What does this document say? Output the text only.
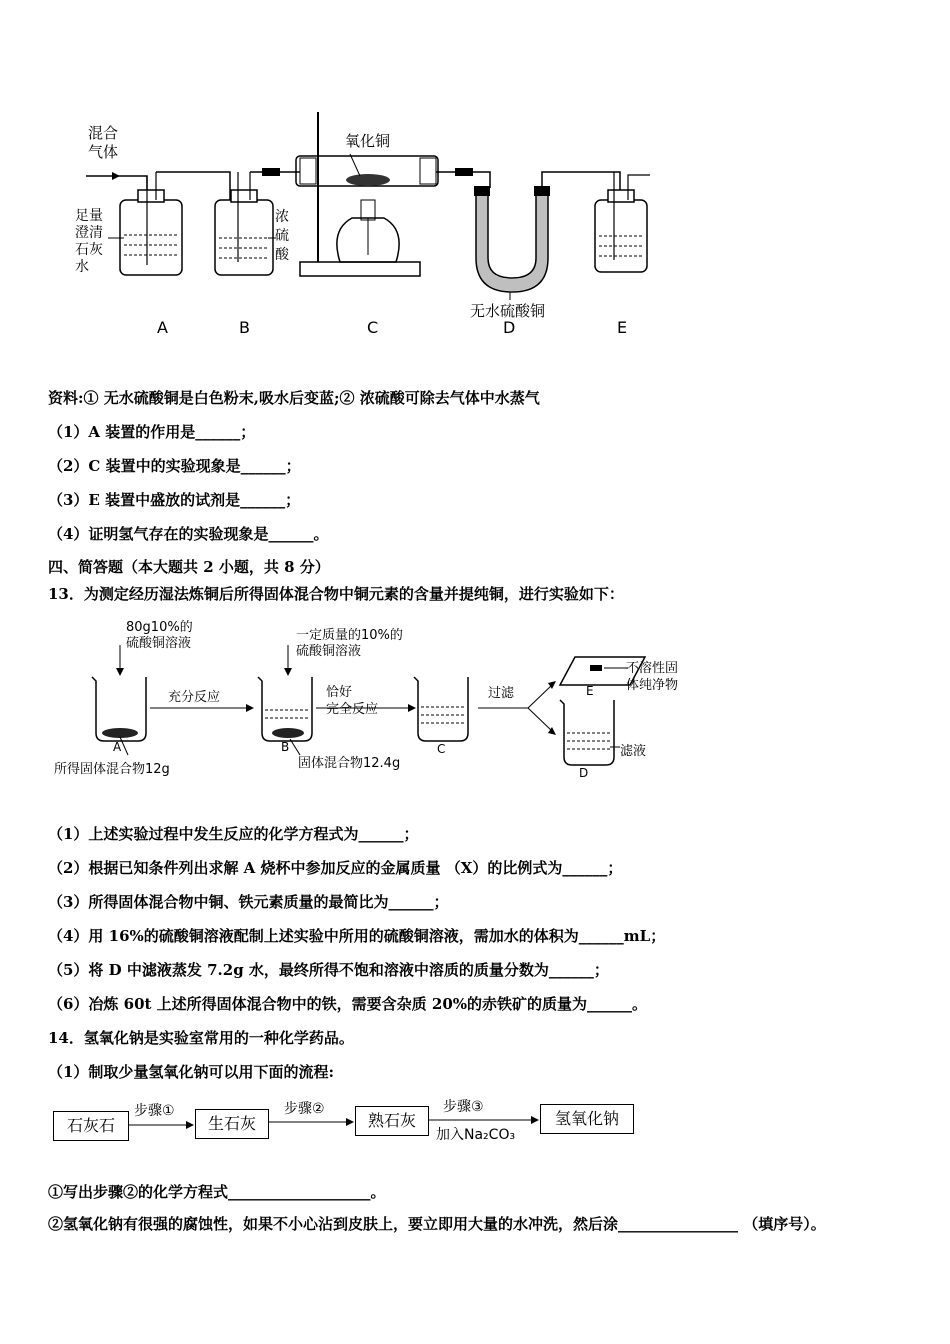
混合
气体
足量
澄清
石灰
水
浓
硫
酸
氧化铜
无水硫酸铜
A	B	C	D	E
资料:① 无水硫酸铜是白色粉末,吸水后变蓝;② 浓硫酸可除去气体中水蒸气
（1）A 装置的作用是______；
（2）C 装置中的实验现象是______；
（3）E 装置中盛放的试剂是______；
（4）证明氢气存在的实验现象是______。
四、简答题（本大题共 2 小题，共 8 分）
13．为测定经历湿法炼铜后所得固体混合物中铜元素的含量并提纯铜，进行实验如下：
80g10%的
硫酸铜溶液
一定质量的10%的
硫酸铜溶液
充分反应	恰好
完全反应
过滤
不溶性固
体纯净物
滤液
所得固体混合物12g	固体混合物12.4g
A	B	C
D
E
（1）上述实验过程中发生反应的化学方程式为______；
（2）根据已知条件列出求解 A 烧杯中参加反应的金属质量 （X）的比例式为______；
（3）所得固体混合物中铜、铁元素质量的最简比为______；
（4）用 16%的硫酸铜溶液配制上述实验中所用的硫酸铜溶液，需加水的体积为______mL；
（5）将 D 中滤液蒸发 7.2g 水，最终所得不饱和溶液中溶质的质量分数为______；
（6）冶炼 60t 上述所得固体混合物中的铁，需要含杂质 20%的赤铁矿的质量为______。
14．氢氧化钠是实验室常用的一种化学药品。
（1）制取少量氢氧化钠可以用下面的流程:
石灰石	生石灰	熟石灰	氢氧化钠
步骤①	步骤②	步骤③
加入Na₂CO₃
①写出步骤②的化学方程式___________________。
②氢氧化钠有很强的腐蚀性，如果不小心沾到皮肤上，要立即用大量的水冲洗，然后涂________________ （填序号）。
